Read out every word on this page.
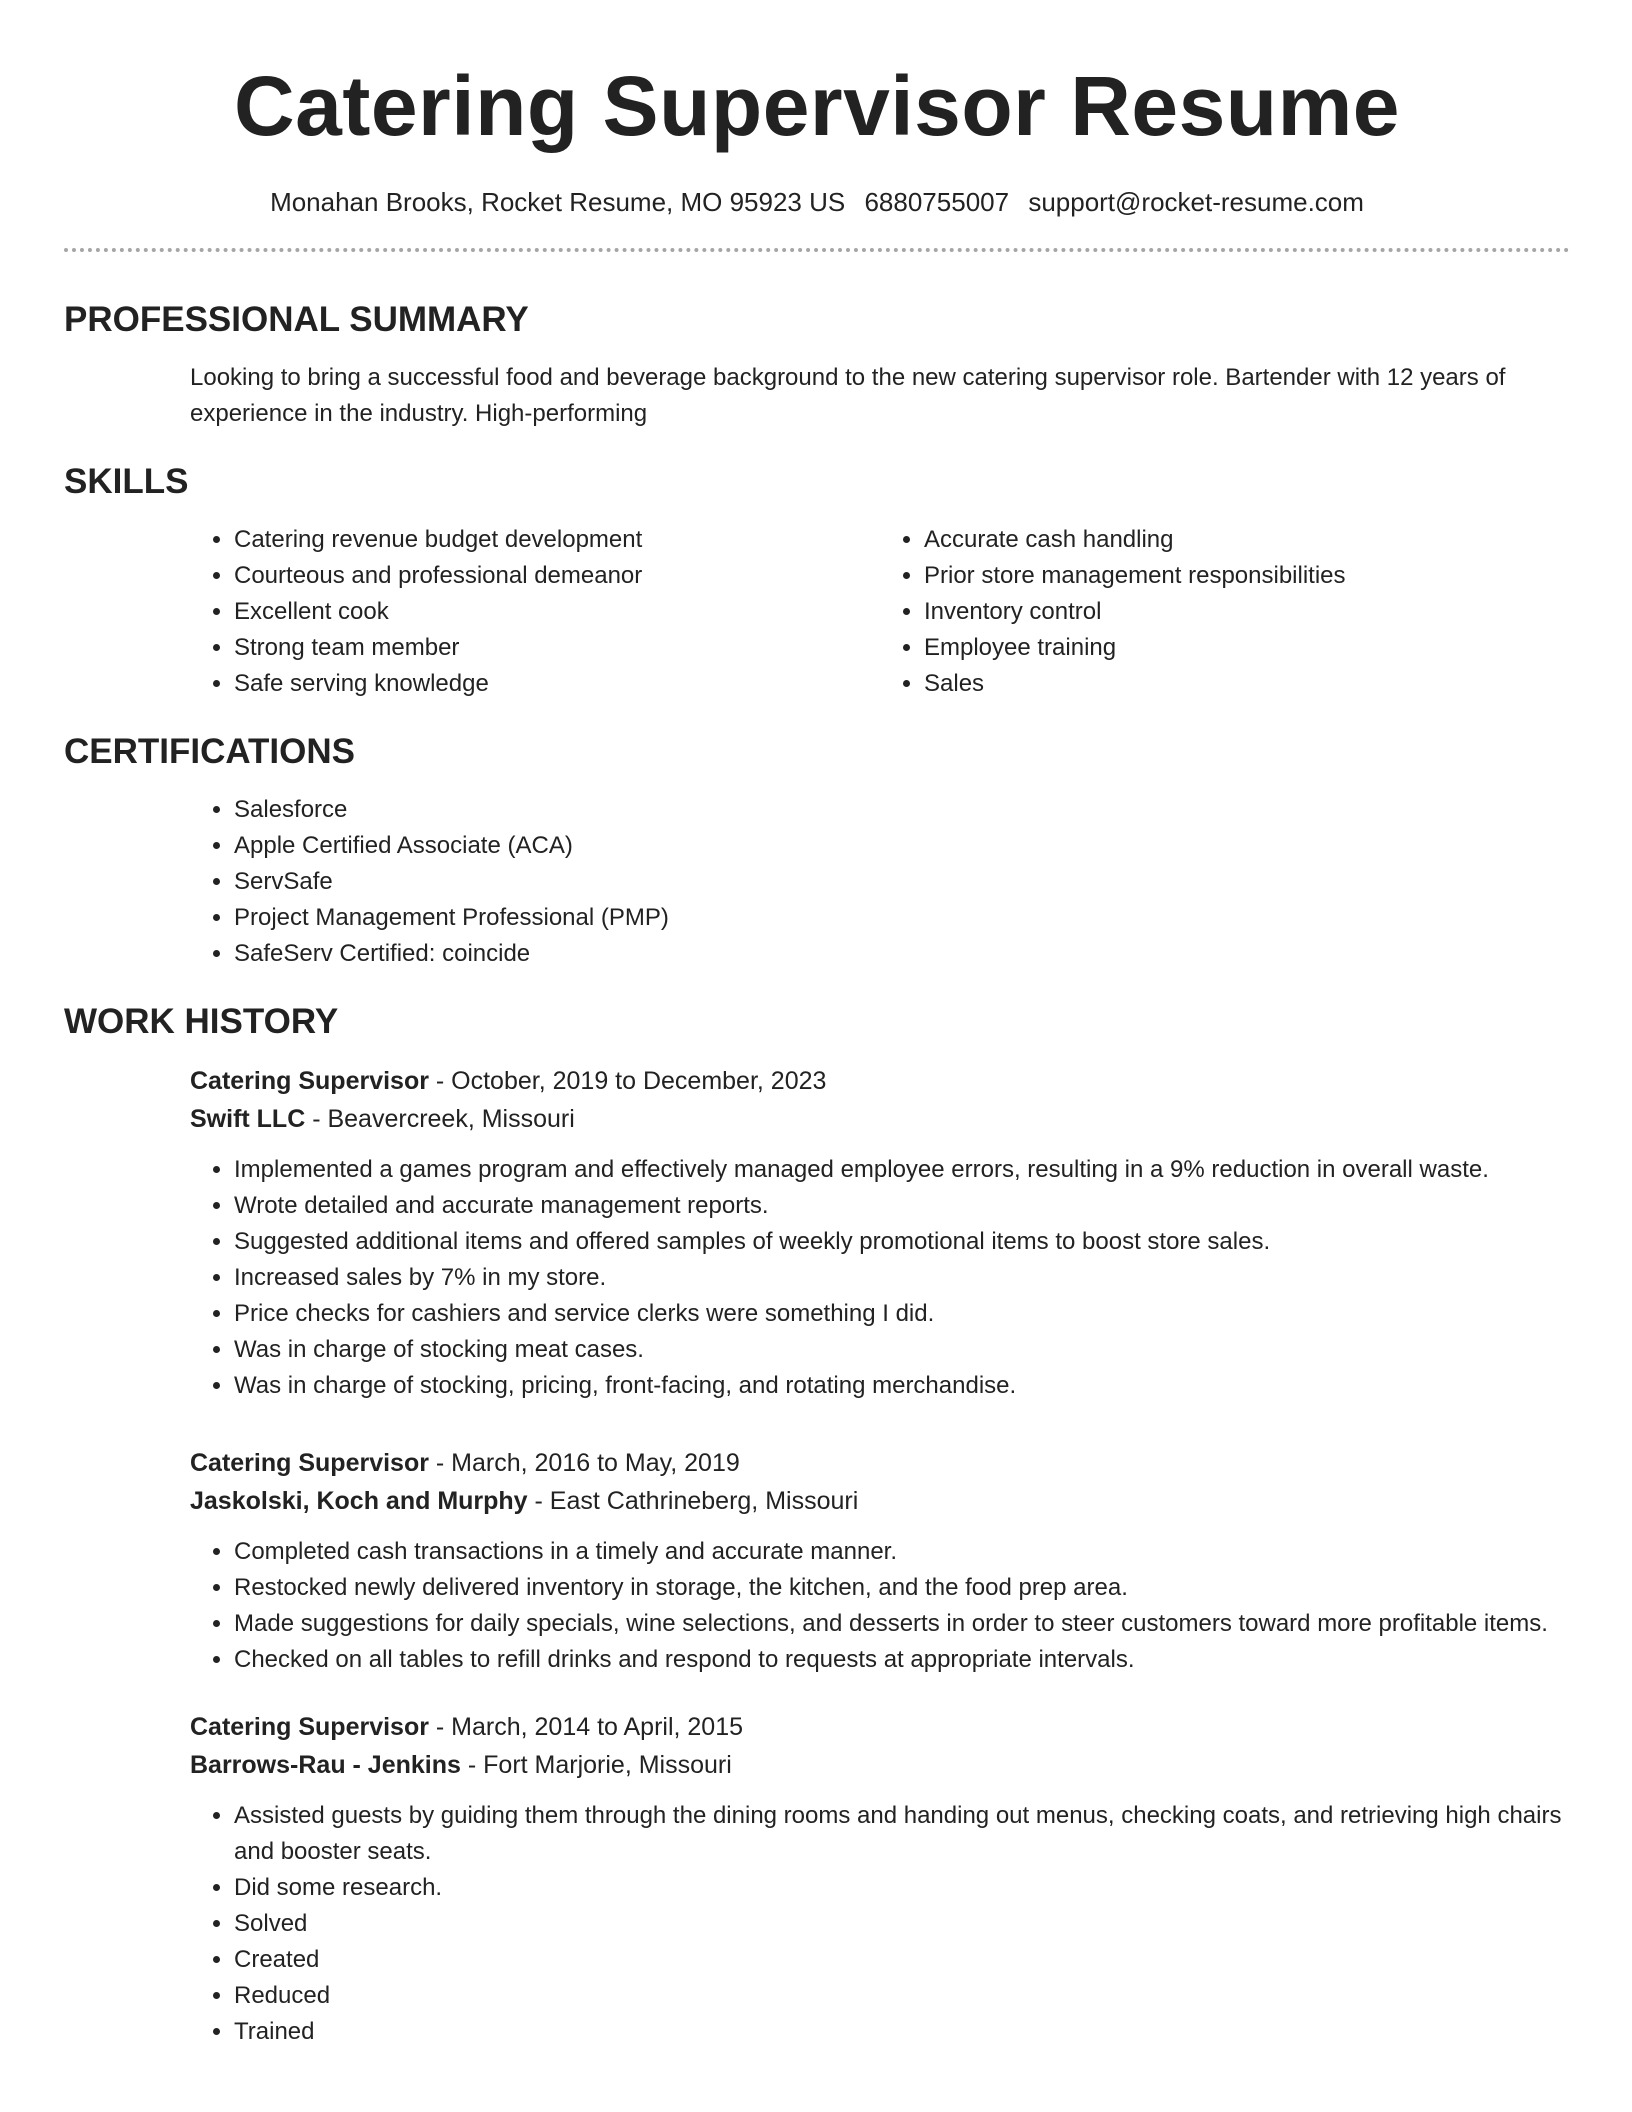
Catering Supervisor Resume
Monahan Brooks, Rocket Resume, MO 95923 US 6880755007 support@rocket-resume.com
PROFESSIONAL SUMMARY
Looking to bring a successful food and beverage background to the new catering supervisor role. Bartender with 12 years of experience in the industry. High-performing
SKILLS
• Catering revenue budget development
• Courteous and professional demeanor
• Excellent cook
• Strong team member
• Safe serving knowledge
• Accurate cash handling
• Prior store management responsibilities
• Inventory control
• Employee training
• Sales
CERTIFICATIONS
• Salesforce
• Apple Certified Associate (ACA)
• ServSafe
• Project Management Professional (PMP)
• SafeServ Certified: coincide
WORK HISTORY
Catering Supervisor - October, 2019 to December, 2023
Swift LLC - Beavercreek, Missouri
• Implemented a games program and effectively managed employee errors, resulting in a 9% reduction in overall waste.
• Wrote detailed and accurate management reports.
• Suggested additional items and offered samples of weekly promotional items to boost store sales.
• Increased sales by 7% in my store.
• Price checks for cashiers and service clerks were something I did.
• Was in charge of stocking meat cases.
• Was in charge of stocking, pricing, front-facing, and rotating merchandise.
Catering Supervisor - March, 2016 to May, 2019
Jaskolski, Koch and Murphy - East Cathrineberg, Missouri
• Completed cash transactions in a timely and accurate manner.
• Restocked newly delivered inventory in storage, the kitchen, and the food prep area.
• Made suggestions for daily specials, wine selections, and desserts in order to steer customers toward more profitable items.
• Checked on all tables to refill drinks and respond to requests at appropriate intervals.
Catering Supervisor - March, 2014 to April, 2015
Barrows-Rau - Jenkins - Fort Marjorie, Missouri
• Assisted guests by guiding them through the dining rooms and handing out menus, checking coats, and retrieving high chairs and booster seats.
• Did some research.
• Solved
• Created
• Reduced
• Trained
